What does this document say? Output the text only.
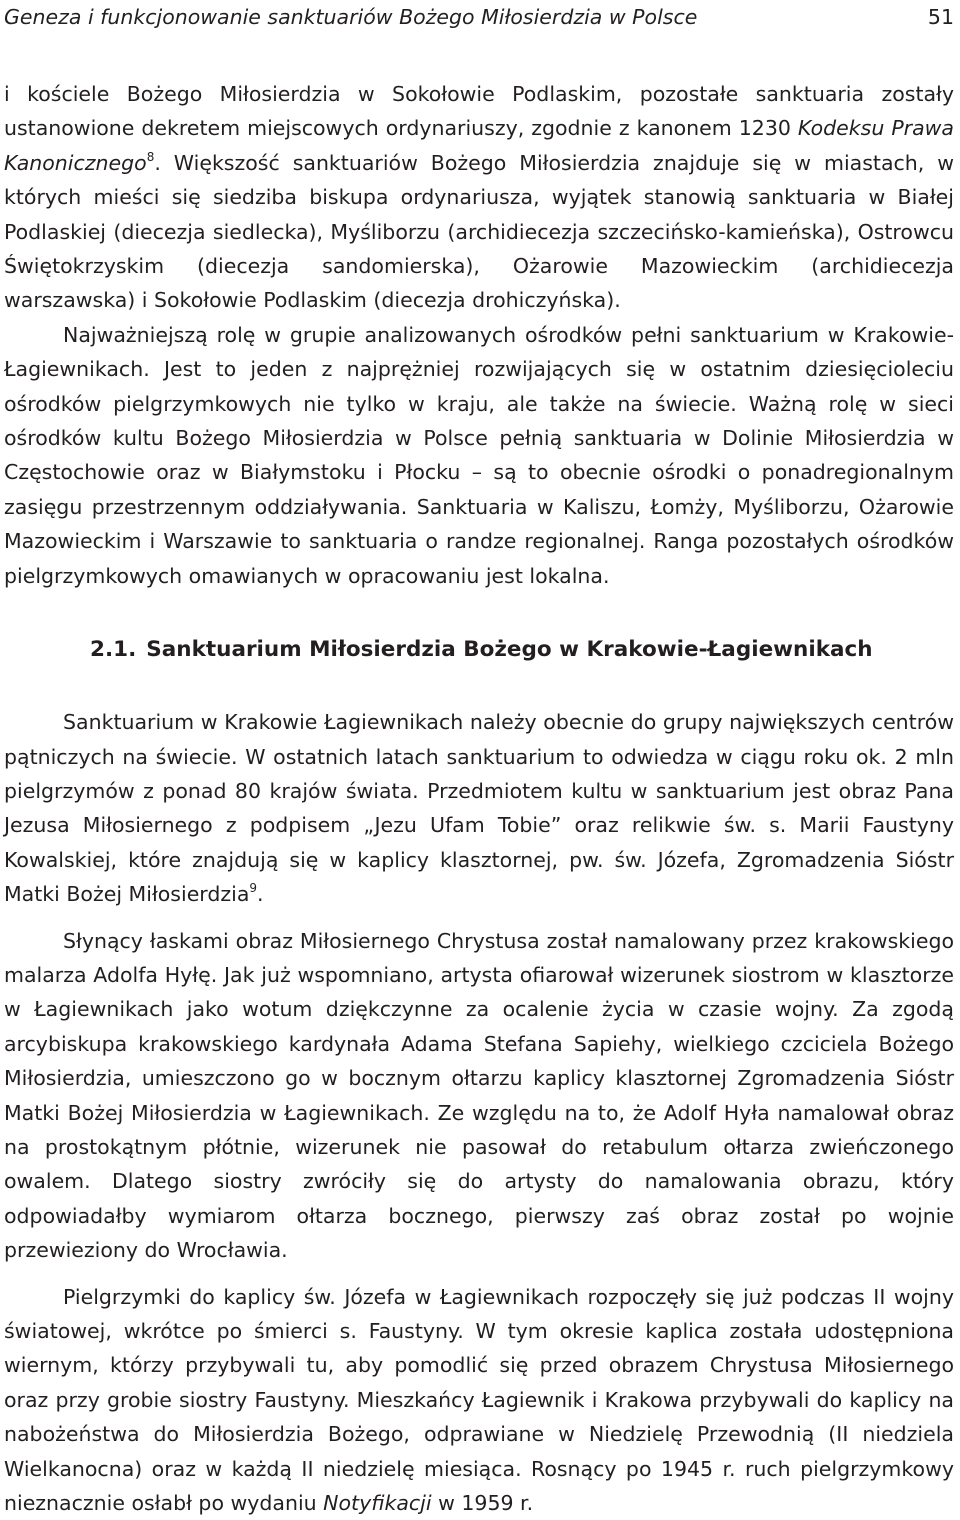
Geneza i funkcjonowanie sanktuariów Bożego Miłosierdzia w Polsce	51

i kościele Bożego Miłosierdzia w Sokołowie Podlaskim, pozostałe sanktuaria zostały ustanowione dekretem miejscowych ordynariuszy, zgodnie z kanonem 1230 Kodeksu Prawa Kanonicznego$^8$. Większość sanktuariów Bożego Miłosierdzia znajduje się w miastach, w których mieści się siedziba biskupa ordynariusza, wyjątek stanowią sanktuaria w Białej Podlaskiej (diecezja siedlecka), Myśliborzu (archidiecezja szczecińsko-kamieńska), Ostrowcu Świętokrzyskim (diecezja sandomierska), Ożarowie Mazowieckim (archidiecezja warszawska) i Sokołowie Podlaskim (diecezja drohiczyńska).

Najważniejszą rolę w grupie analizowanych ośrodków pełni sanktuarium w Krakowie-Łagiewnikach. Jest to jeden z najprężniej rozwijających się w ostatnim dziesięcioleciu ośrodków pielgrzymkowych nie tylko w kraju, ale także na świecie. Ważną rolę w sieci ośrodków kultu Bożego Miłosierdzia w Polsce pełnią sanktuaria w Dolinie Miłosierdzia w Częstochowie oraz w Białymstoku i Płocku – są to obecnie ośrodki o ponadregionalnym zasięgu przestrzennym oddziaływania. Sanktuaria w Kaliszu, Łomży, Myśliborzu, Ożarowie Mazowieckim i Warszawie to sanktuaria o randze regionalnej. Ranga pozostałych ośrodków pielgrzymkowych omawianych w opracowaniu jest lokalna.

2.1. Sanktuarium Miłosierdzia Bożego w Krakowie-Łagiewnikach

Sanktuarium w Krakowie Łagiewnikach należy obecnie do grupy największych centrów pątniczych na świecie. W ostatnich latach sanktuarium to odwiedza w ciągu roku ok. 2 mln pielgrzymów z ponad 80 krajów świata. Przedmiotem kultu w sanktuarium jest obraz Pana Jezusa Miłosiernego z podpisem „Jezu Ufam Tobie” oraz relikwie św. s. Marii Faustyny Kowalskiej, które znajdują się w kaplicy klasztornej, pw. św. Józefa, Zgromadzenia Sióstr Matki Bożej Miłosierdzia$^9$.

Słynący łaskami obraz Miłosiernego Chrystusa został namalowany przez krakowskiego malarza Adolfa Hyłę. Jak już wspomniano, artysta ofiarował wizerunek siostrom w klasztorze w Łagiewnikach jako wotum dziękczynne za ocalenie życia w czasie wojny. Za zgodą arcybiskupa krakowskiego kardynała Adama Stefana Sapiehy, wielkiego czciciela Bożego Miłosierdzia, umieszczono go w bocznym ołtarzu kaplicy klasztornej Zgromadzenia Sióstr Matki Bożej Miłosierdzia w Łagiewnikach. Ze względu na to, że Adolf Hyła namalował obraz na prostokątnym płótnie, wizerunek nie pasował do retabulum ołtarza zwieńczonego owalem. Dlatego siostry zwróciły się do artysty do namalowania obrazu, który odpowiadałby wymiarom ołtarza bocznego, pierwszy zaś obraz został po wojnie przewieziony do Wrocławia.

Pielgrzymki do kaplicy św. Józefa w Łagiewnikach rozpoczęły się już podczas II wojny światowej, wkrótce po śmierci s. Faustyny. W tym okresie kaplica została udostępniona wiernym, którzy przybywali tu, aby pomodlić się przed obrazem Chrystusa Miłosiernego oraz przy grobie siostry Faustyny. Mieszkańcy Łagiewnik i Krakowa przybywali do kaplicy na nabożeństwa do Miłosierdzia Bożego, odprawiane w Niedzielę Przewodnią (II niedziela Wielkanocna) oraz w każdą II niedzielę miesiąca. Rosnący po 1945 r. ruch pielgrzymkowy nieznacznie osłabł po wydaniu Notyfikacji w 1959 r.
